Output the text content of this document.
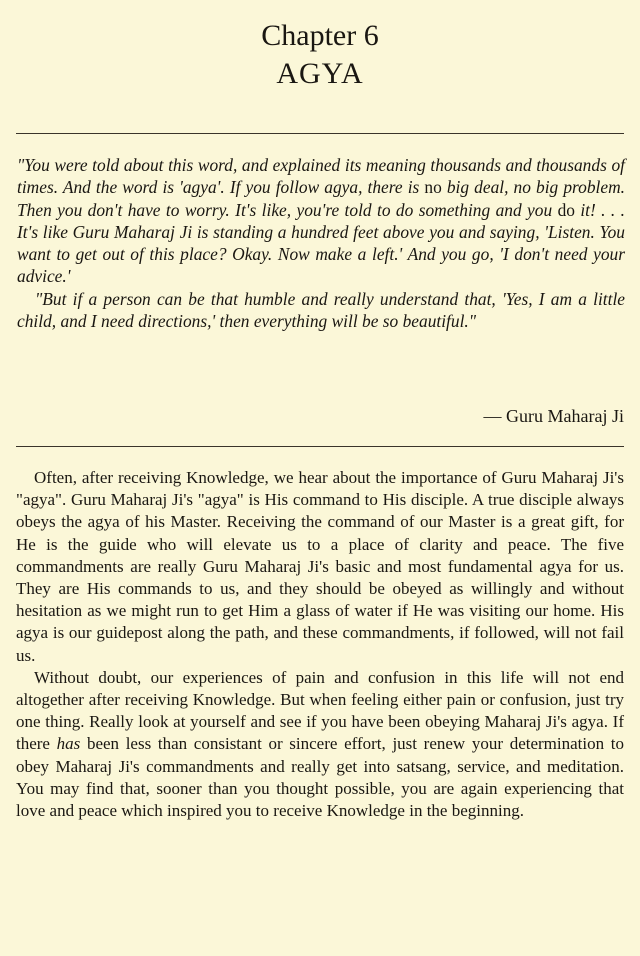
Chapter 6
AGYA

"You were told about this word, and explained its meaning thousands and thousands of times. And the word is 'agya'. If you follow agya, there is no big deal, no big problem. Then you don't have to worry. It's like, you're told to do something and you do it! . . . It's like Guru Maharaj Ji is standing a hundred feet above you and saying, 'Listen. You want to get out of this place? Okay. Now make a left.' And you go, 'I don't need your advice.'

"But if a person can be that humble and really understand that, 'Yes, I am a little child, and I need directions,' then everything will be so beautiful."

— Guru Maharaj Ji

Often, after receiving Knowledge, we hear about the importance of Guru Maharaj Ji's "agya". Guru Maharaj Ji's "agya" is His command to His disciple. A true disciple always obeys the agya of his Master. Receiving the command of our Master is a great gift, for He is the guide who will elevate us to a place of clarity and peace. The five commandments are really Guru Maharaj Ji's basic and most fundamental agya for us. They are His commands to us, and they should be obeyed as willingly and without hesitation as we might run to get Him a glass of water if He was visiting our home. His agya is our guidepost along the path, and these commandments, if followed, will not fail us.

Without doubt, our experiences of pain and confusion in this life will not end altogether after receiving Knowledge. But when feeling either pain or confusion, just try one thing. Really look at yourself and see if you have been obeying Maharaj Ji's agya. If there has been less than consistant or sincere effort, just renew your determination to obey Maharaj Ji's commandments and really get into satsang, service, and meditation. You may find that, sooner than you thought possible, you are again experiencing that love and peace which inspired you to receive Knowledge in the beginning.
